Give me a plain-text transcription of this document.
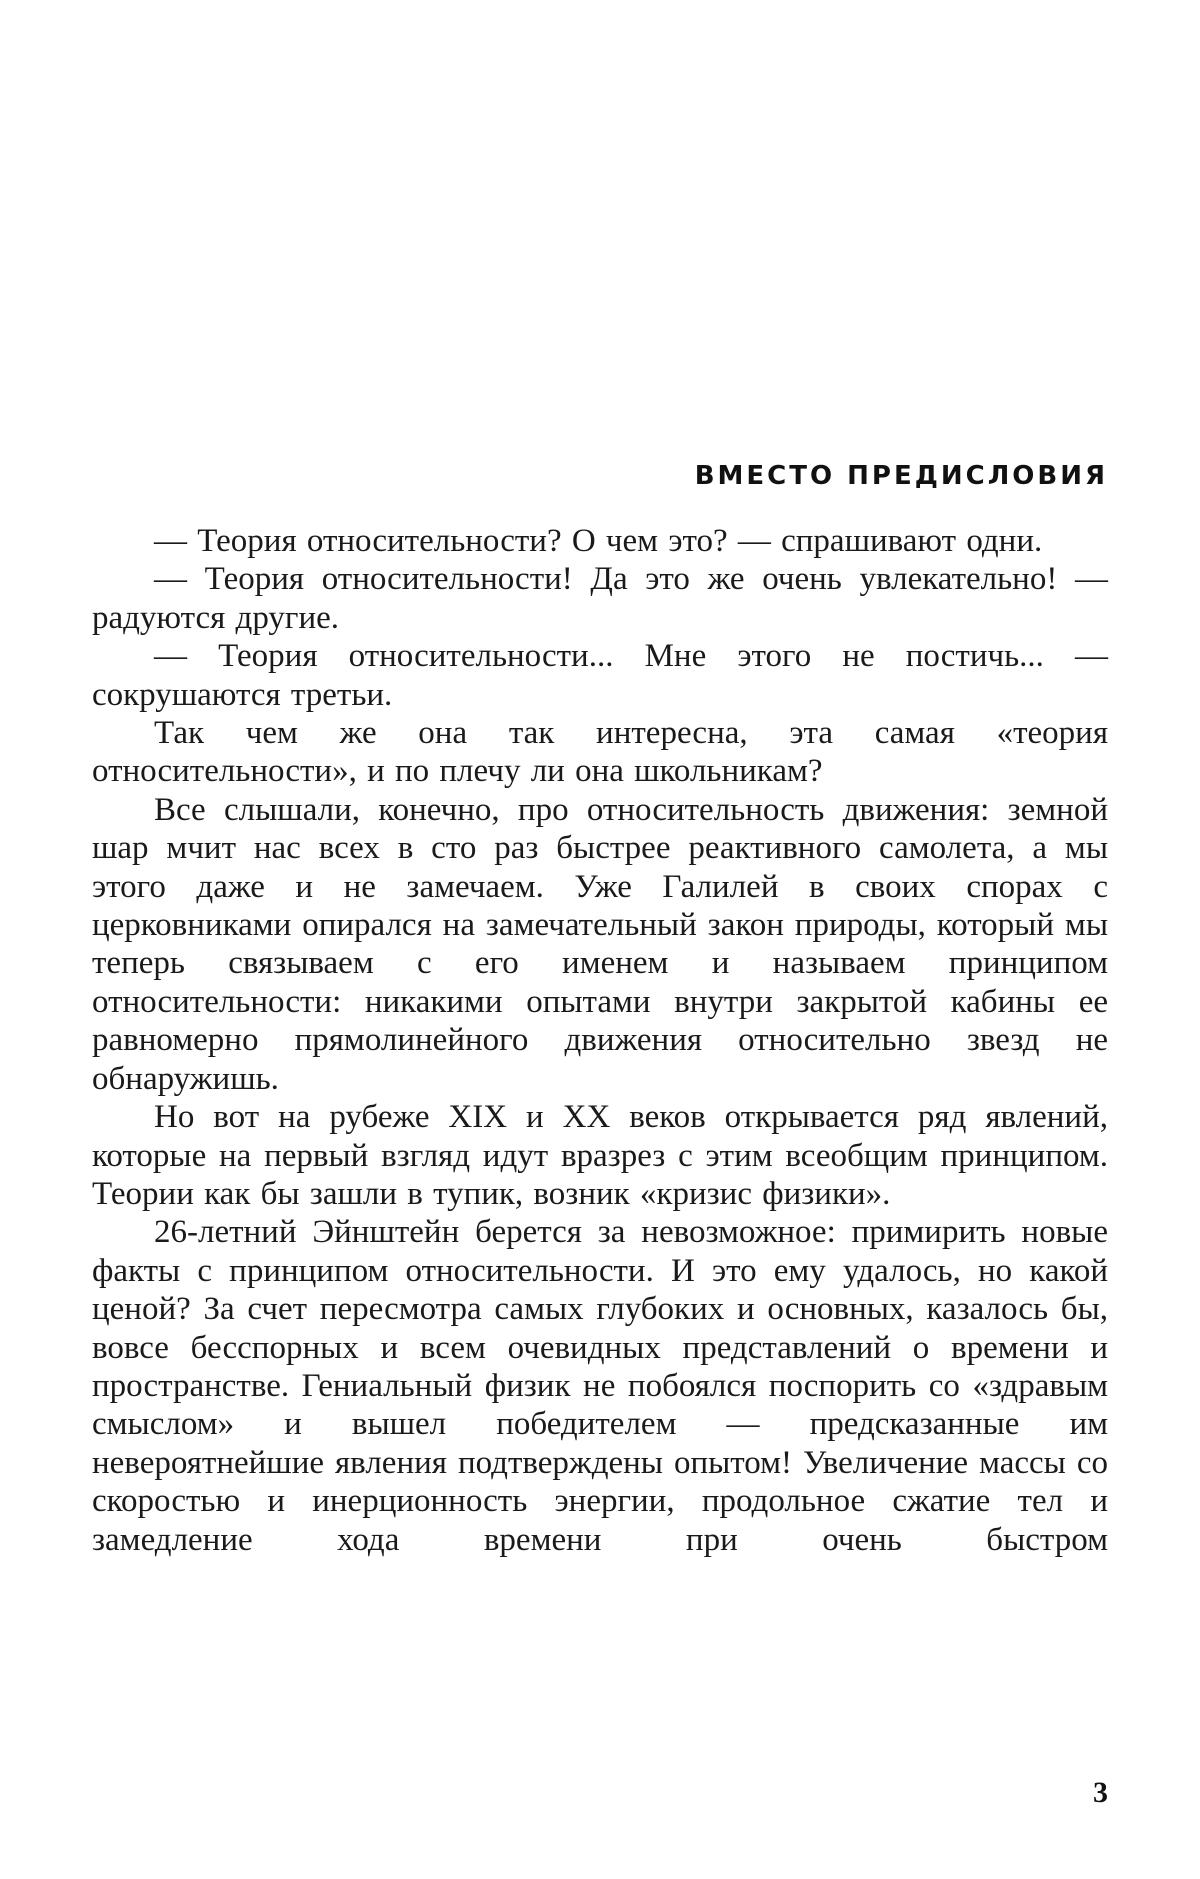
ВМЕСТО ПРЕДИСЛОВИЯ

— Теория относительности? О чем это? — спрашивают одни.

— Теория относительности! Да это же очень увлекательно! — радуются другие.

— Теория относительности... Мне этого не постичь... — сокрушаются третьи.

Так чем же она так интересна, эта самая «теория относительности», и по плечу ли она школьникам?

Все слышали, конечно, про относительность движения: земной шар мчит нас всех в сто раз быстрее реактивного самолета, а мы этого даже и не замечаем. Уже Галилей в своих спорах с церковниками опирался на замечательный закон природы, который мы теперь связываем с его именем и называем принципом относительности: никакими опытами внутри закрытой кабины ее равномерно прямолинейного движения относительно звезд не обнаружишь.

Но вот на рубеже XIX и XX веков открывается ряд явлений, которые на первый взгляд идут вразрез с этим всеобщим принципом. Теории как бы зашли в тупик, возник «кризис физики».

26-летний Эйнштейн берется за невозможное: примирить новые факты с принципом относительности. И это ему удалось, но какой ценой? За счет пересмотра самых глубоких и основных, казалось бы, вовсе бесспорных и всем очевидных представлений о времени и пространстве. Гениальный физик не побоялся поспорить со «здравым смыслом» и вышел победителем — предсказанные им невероятнейшие явления подтверждены опытом! Увеличение массы со скоростью и инерционность энергии, продольное сжатие тел и замедление хода времени при очень быстром

3
